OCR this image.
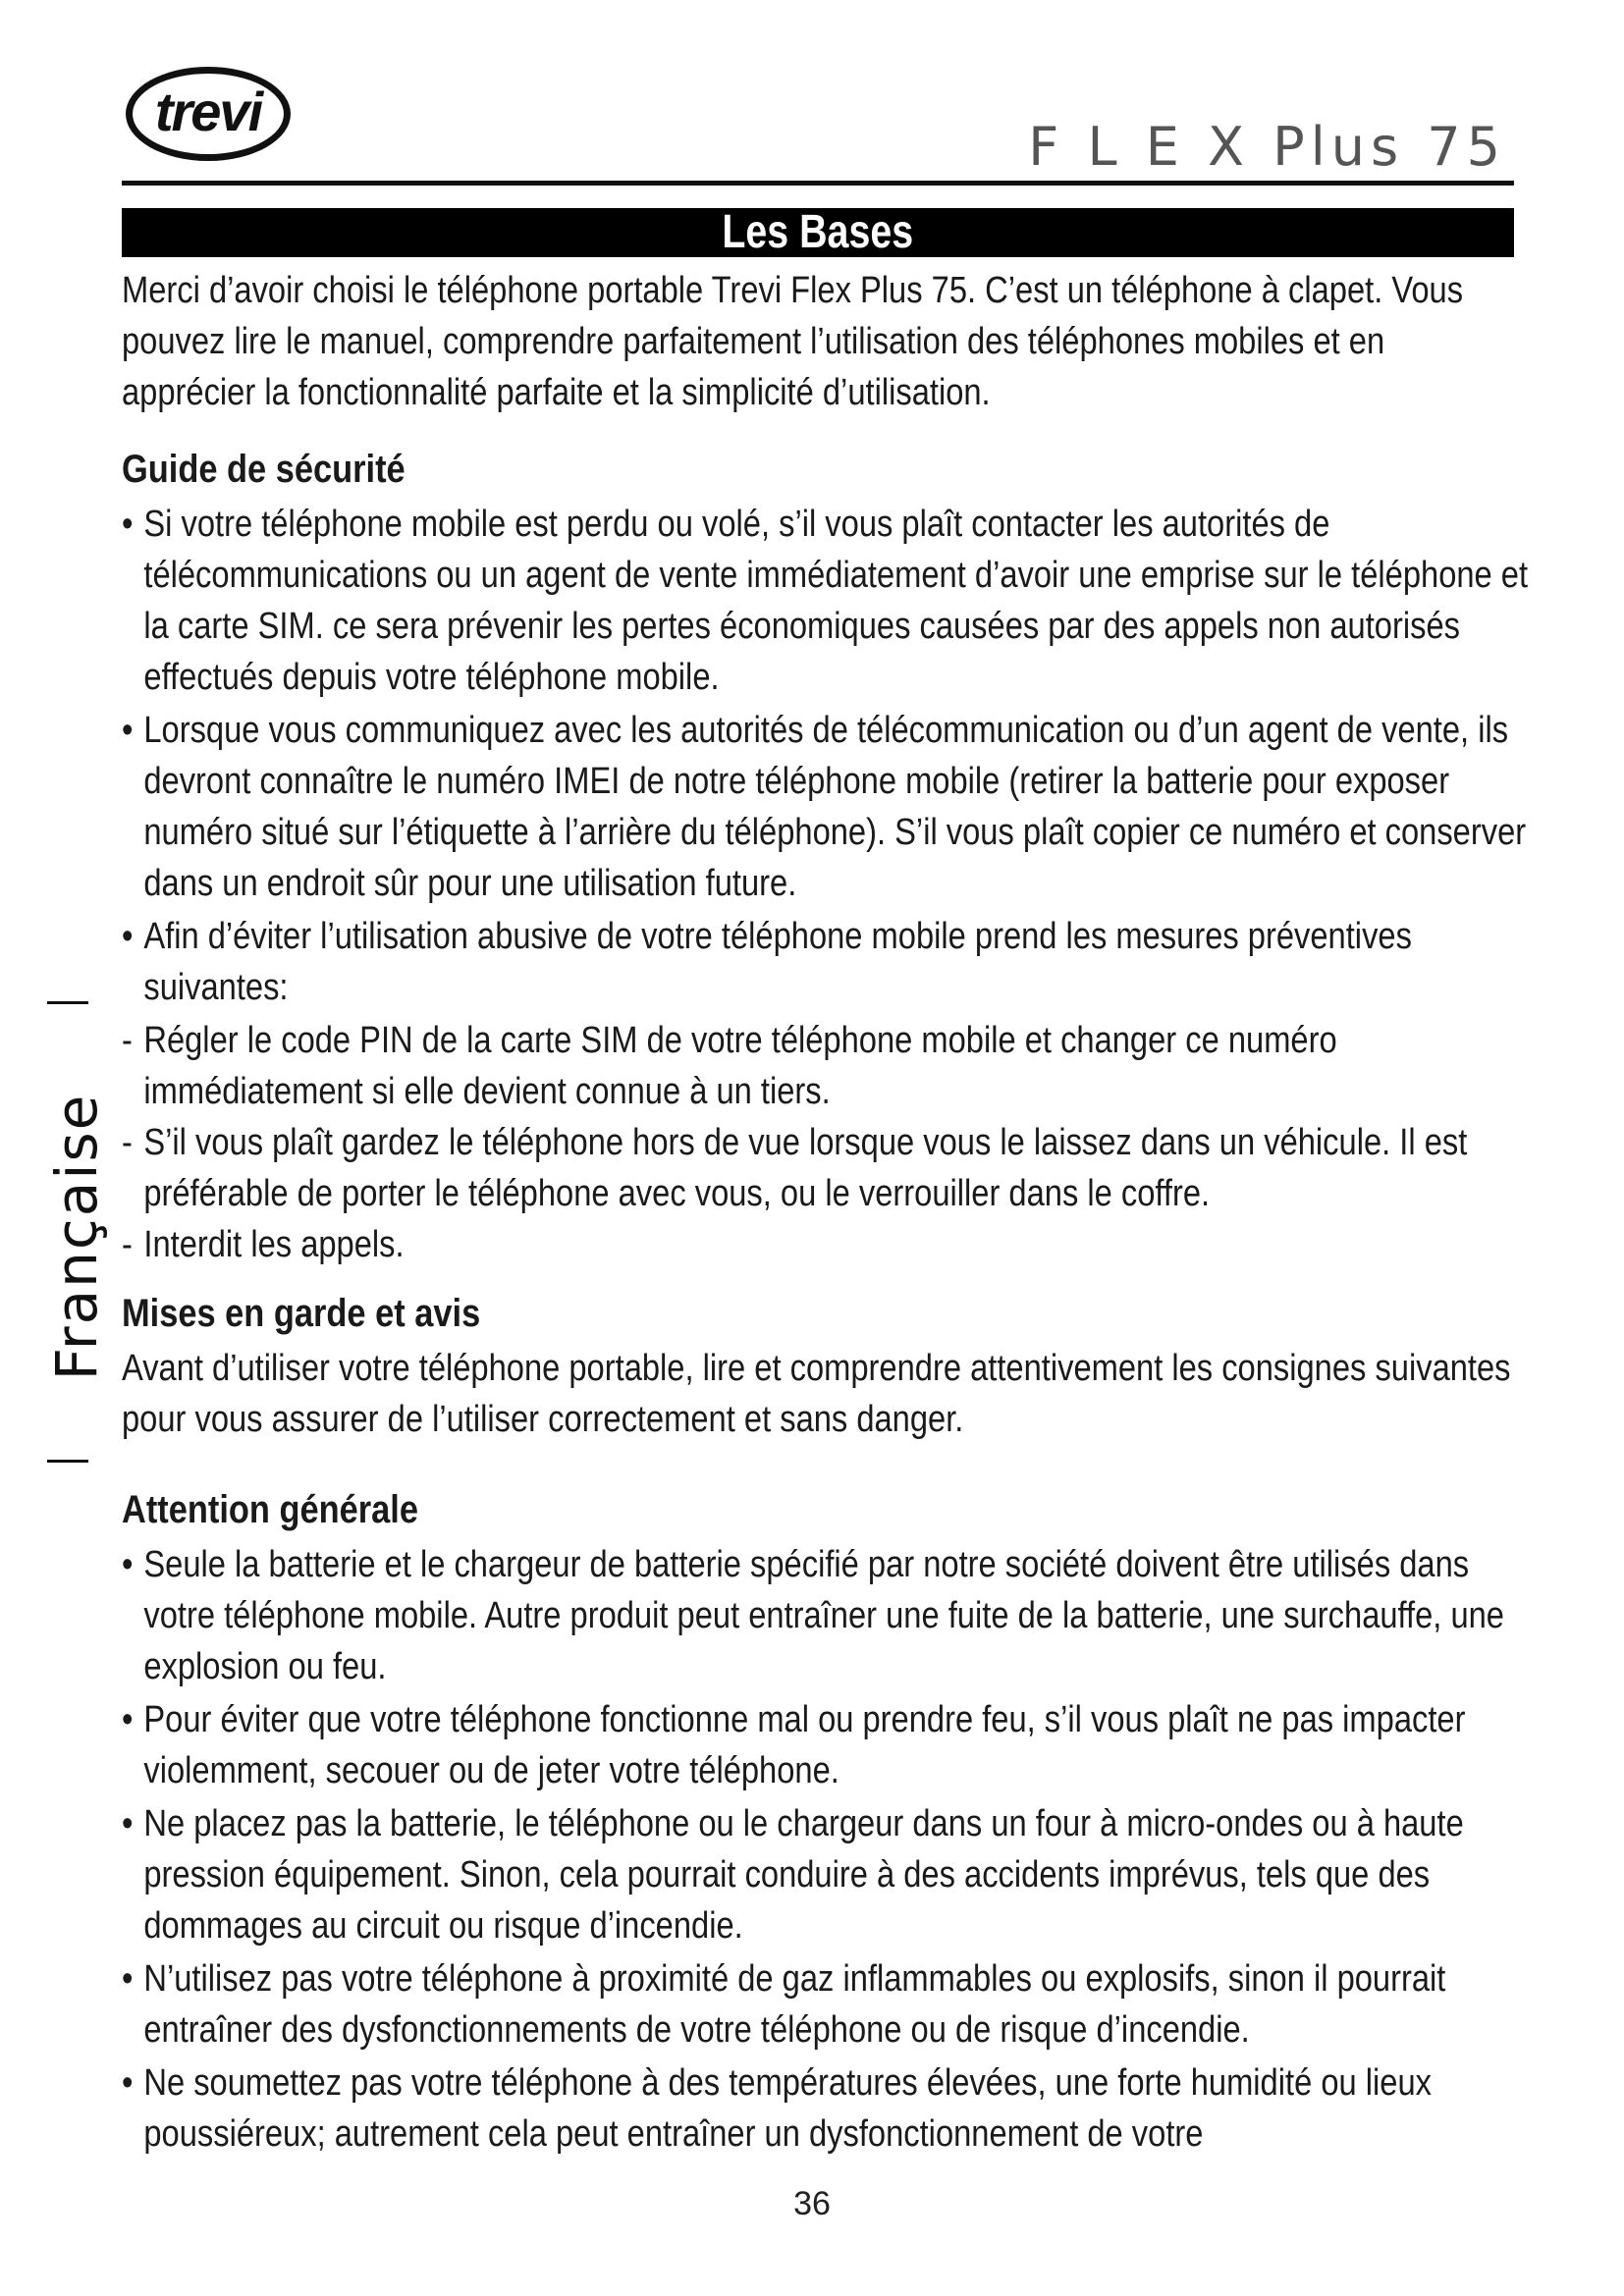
trevi
F L E X Plus 75
Les Bases
Française

Merci d’avoir choisi le téléphone portable Trevi Flex Plus 75. C’est un téléphone à clapet. Vous pouvez lire le manuel, comprendre parfaitement l’utilisation des téléphones mobiles et en apprécier la fonctionnalité parfaite et la simplicité d’utilisation.

Guide de sécurité
• Si votre téléphone mobile est perdu ou volé, s’il vous plaît contacter les autorités de télécommunications ou un agent de vente immédiatement d’avoir une emprise sur le téléphone et la carte SIM. ce sera prévenir les pertes économiques causées par des appels non autorisés effectués depuis votre téléphone mobile.
• Lorsque vous communiquez avec les autorités de télécommunication ou d’un agent de vente, ils devront connaître le numéro IMEI de notre téléphone mobile (retirer la batterie pour exposer numéro situé sur l’étiquette à l’arrière du téléphone). S’il vous plaît copier ce numéro et conserver dans un endroit sûr pour une utilisation future.
• Afin d’éviter l’utilisation abusive de votre téléphone mobile prend les mesures préventives suivantes:
- Régler le code PIN de la carte SIM de votre téléphone mobile et changer ce numéro immédiatement si elle devient connue à un tiers.
- S’il vous plaît gardez le téléphone hors de vue lorsque vous le laissez dans un véhicule. Il est préférable de porter le téléphone avec vous, ou le verrouiller dans le coffre.
- Interdit les appels.
Mises en garde et avis

Avant d’utiliser votre téléphone portable, lire et comprendre attentivement les consignes suivantes pour vous assurer de l’utiliser correctement et sans danger.

Attention générale
• Seule la batterie et le chargeur de batterie spécifié par notre société doivent être utilisés dans votre téléphone mobile. Autre produit peut entraîner une fuite de la batterie, une surchauffe, une explosion ou feu.
• Pour éviter que votre téléphone fonctionne mal ou prendre feu, s’il vous plaît ne pas impacter violemment, secouer ou de jeter votre téléphone.
• Ne placez pas la batterie, le téléphone ou le chargeur dans un four à micro-ondes ou à haute pression équipement. Sinon, cela pourrait conduire à des accidents imprévus, tels que des dommages au circuit ou risque d’incendie.
• N’utilisez pas votre téléphone à proximité de gaz inflammables ou explosifs, sinon il pourrait entraîner des dysfonctionnements de votre téléphone ou de risque d’incendie.
• Ne soumettez pas votre téléphone à des températures élevées, une forte humidité ou lieux poussiéreux; autrement cela peut entraîner un dysfonctionnement de votre
36
